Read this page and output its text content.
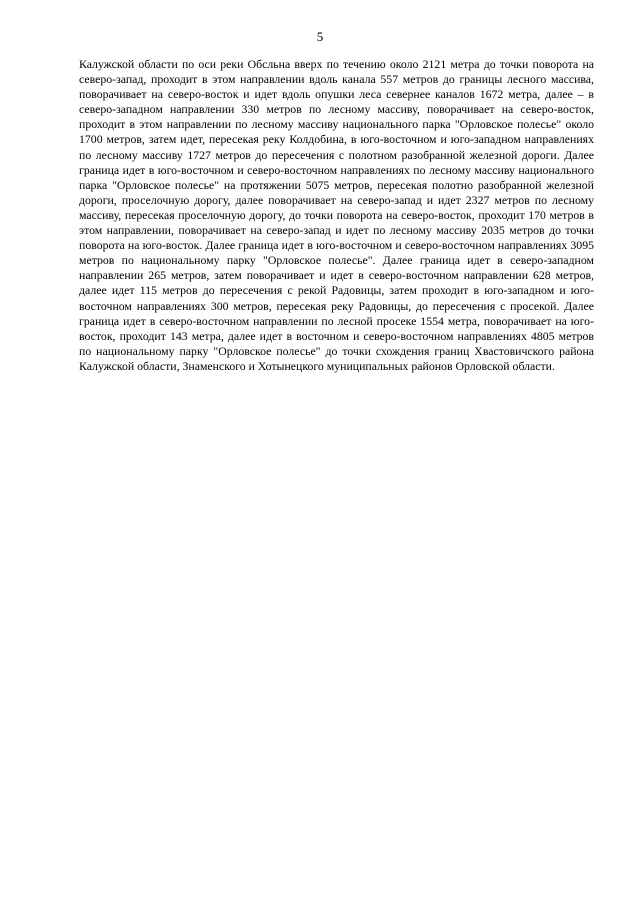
5

Калужской области по оси реки Обсльна вверх по течению около 2121 метра до точки поворота на северо-запад, проходит в этом направлении вдоль канала 557 метров до границы лесного массива, поворачивает на северо-восток и идет вдоль опушки леса севернее каналов 1672 метра, далее – в северо-западном направлении 330 метров по лесному массиву, поворачивает на северо-восток, проходит в этом направлении по лесному массиву национального парка "Орловское полесье" около 1700 метров, затем идет, пересекая реку Колдобина, в юго-восточном и юго-западном направлениях по лесному массиву 1727 метров до пересечения с полотном разобранной железной дороги. Далее граница идет в юго-восточном и северо-восточном направлениях по лесному массиву национального парка "Орловское полесье" на протяжении 5075 метров, пересекая полотно разобранной железной дороги, проселочную дорогу, далее поворачивает на северо-запад и идет 2327 метров по лесному массиву, пересекая проселочную дорогу, до точки поворота на северо-восток, проходит 170 метров в этом направлении, поворачивает на северо-запад и идет по лесному массиву 2035 метров до точки поворота на юго-восток. Далее граница идет в юго-восточном и северо-восточном направлениях 3095 метров по национальному парку "Орловское полесье". Далее граница идет в северо-западном направлении 265 метров, затем поворачивает и идет в северо-восточном направлении 628 метров, далее идет 115 метров до пересечения с рекой Радовицы, затем проходит в юго-западном и юго-восточном направлениях 300 метров, пересекая реку Радовицы, до пересечения с просекой. Далее граница идет в северо-восточном направлении по лесной просеке 1554 метра, поворачивает на юго-восток, проходит 143 метра, далее идет в восточном и северо-восточном направлениях 4805 метров по национальному парку "Орловское полесье" до точки схождения границ Хвастовичского района Калужской области, Знаменского и Хотынецкого муниципальных районов Орловской области.
